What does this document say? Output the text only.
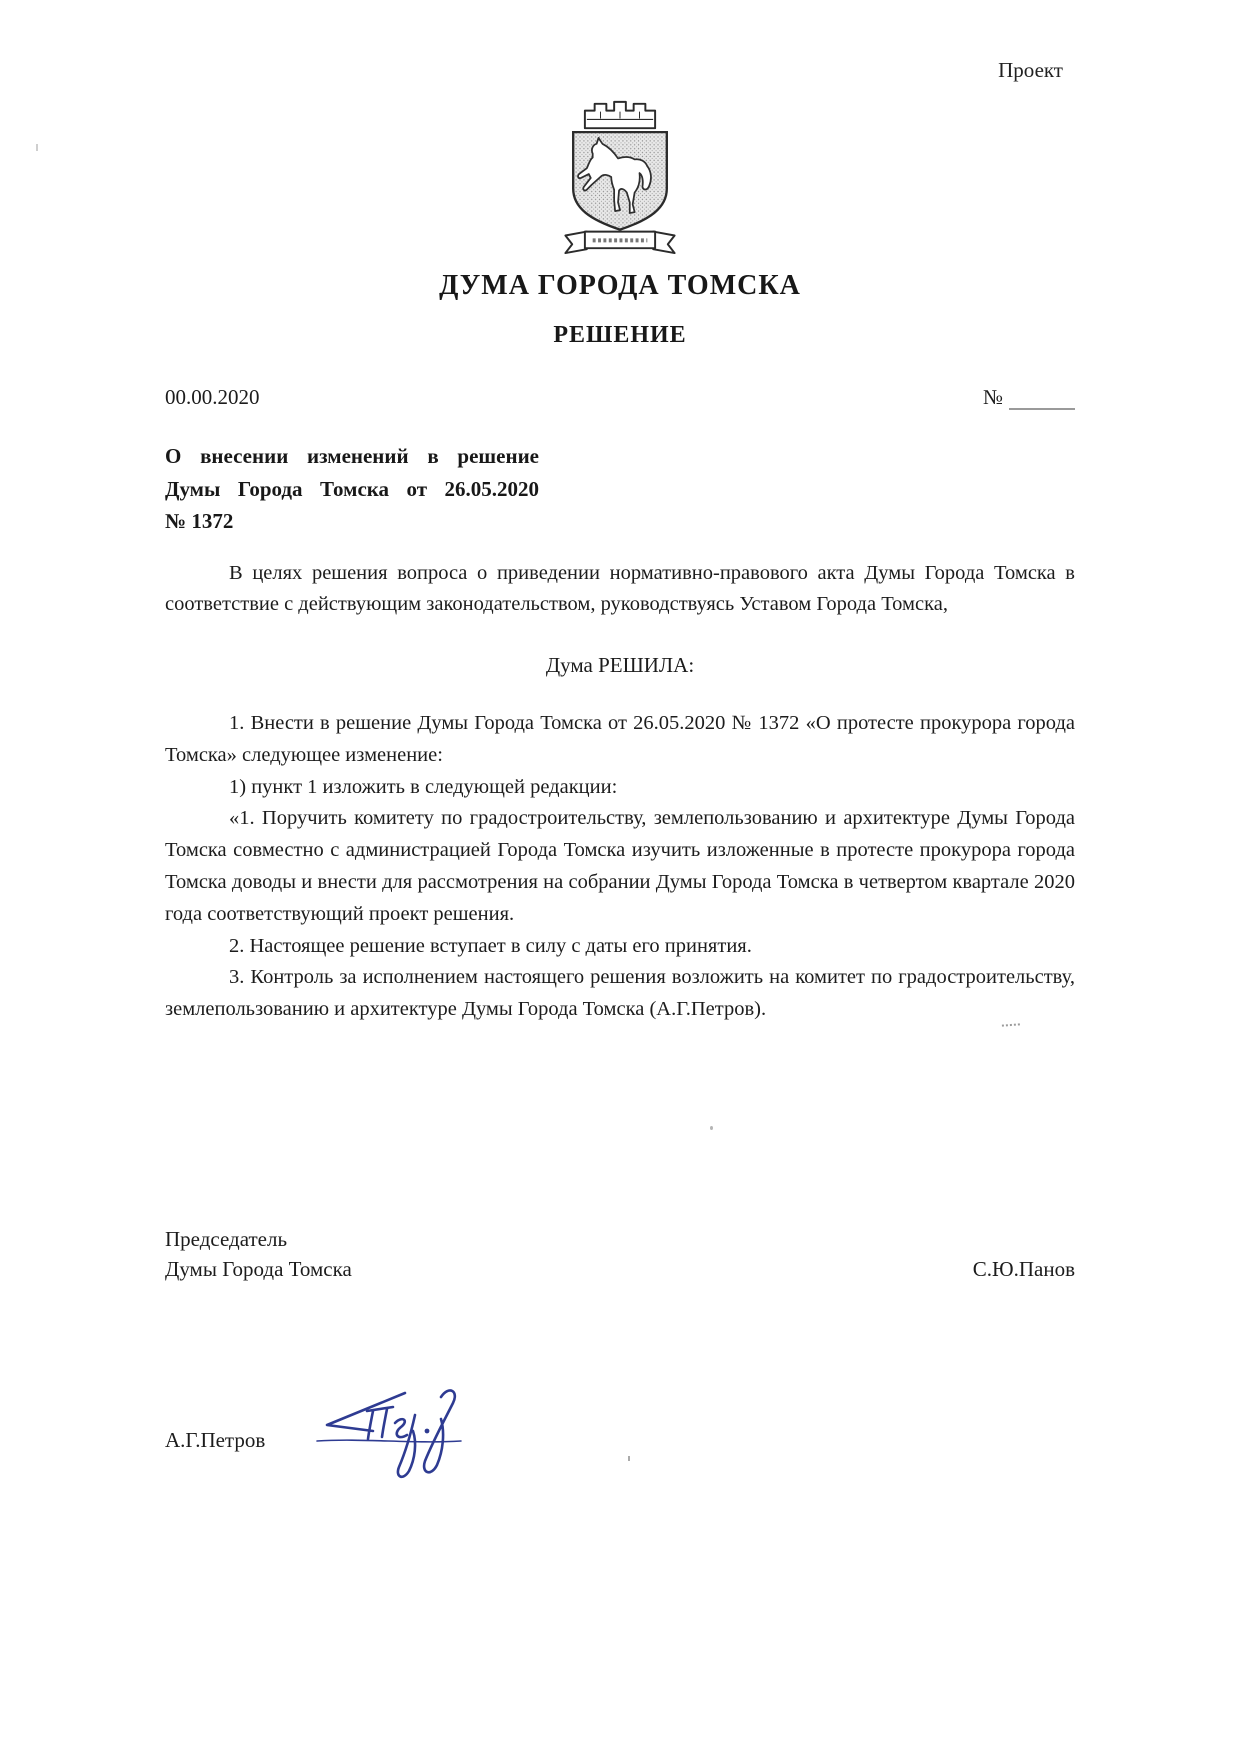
Проект
ДУМА ГОРОДА ТОМСКА
РЕШЕНИЕ
00.00.2020	№
О внесении изменений в решение
Думы Города Томска от 26.05.2020
№ 1372

В целях решения вопроса о приведении нормативно-правового акта Думы Города Томска в соответствие с действующим законодательством, руководствуясь Уставом Города Томска,

Дума РЕШИЛА:

1. Внести в решение Думы Города Томска от 26.05.2020 № 1372 «О протесте прокурора города Томска» следующее изменение:

1) пункт 1 изложить в следующей редакции:

«1. Поручить комитету по градостроительству, землепользованию и архитектуре Думы Города Томска совместно с администрацией Города Томска изучить изложенные в протесте прокурора города Томска доводы и внести для рассмотрения на собрании Думы Города Томска в четвертом квартале 2020 года соответствующий проект решения.

2. Настоящее решение вступает в силу с даты его принятия.

3. Контроль за исполнением настоящего решения возложить на комитет по градостроительству, землепользованию и архитектуре Думы Города Томска (А.Г.Петров).

Председатель
Думы Города Томска	С.Ю.Панов
А.Г.Петров
